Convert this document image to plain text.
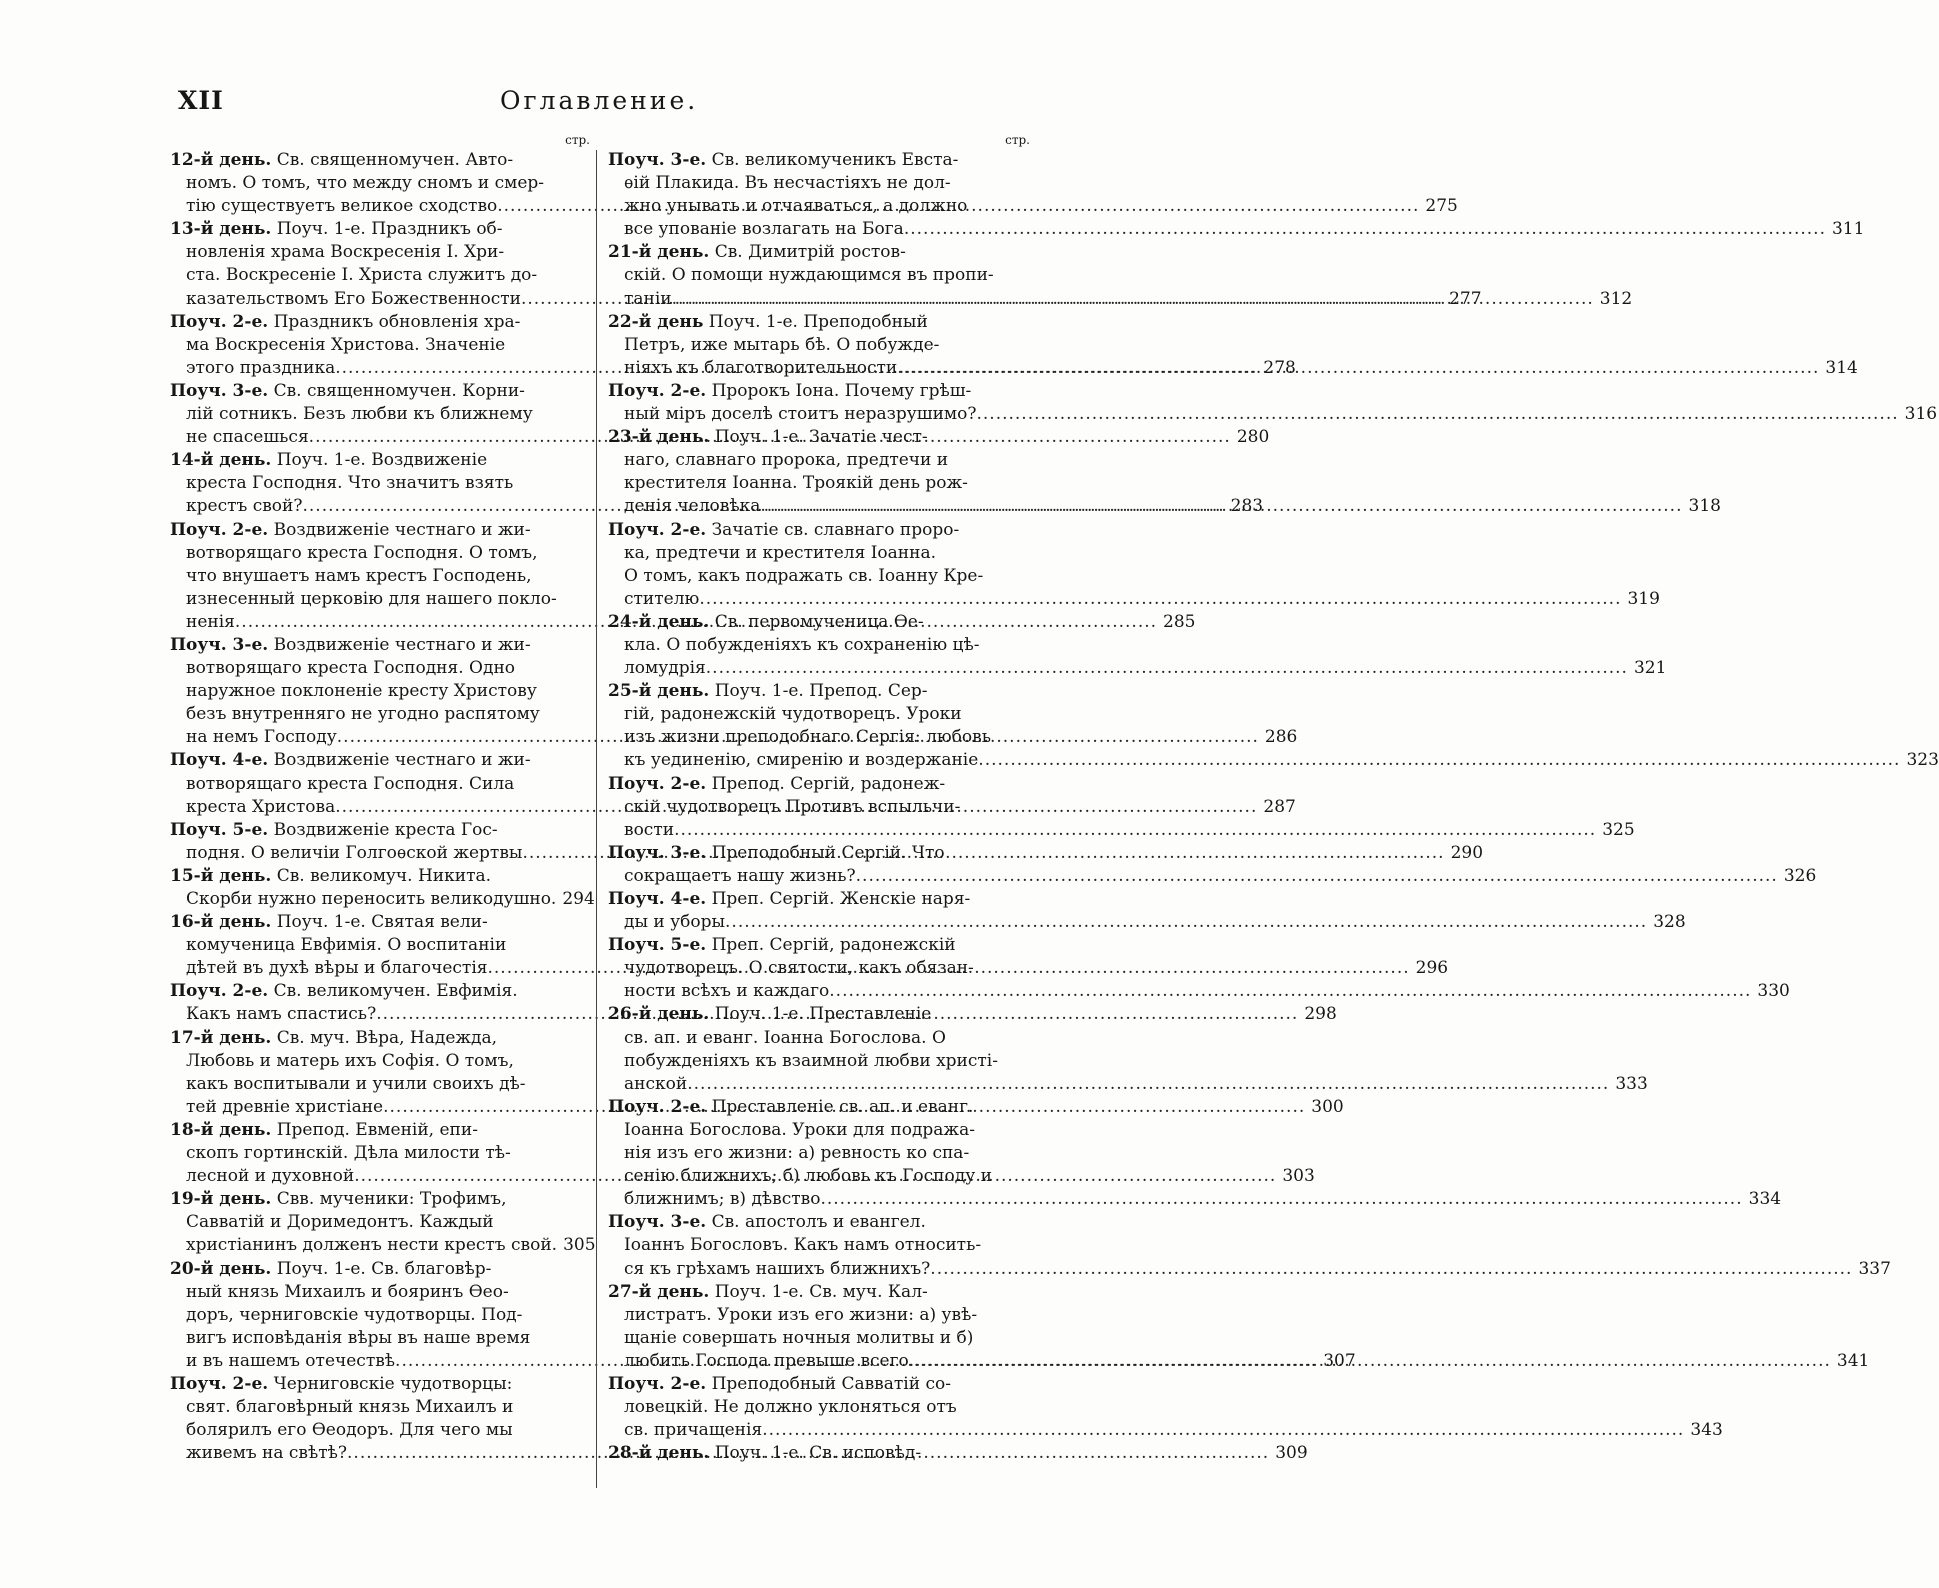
XII	Оглавление.
стр.
12-й день. Св. священномучен. Авто-
номъ. О томъ, что между сномъ и смер-
тію существуетъ великое сходство .....	275
13-й день. Поуч. 1-е. Праздникъ об-
новленія храма Воскресенія І. Хри-
ста. Воскресеніе І. Христа служитъ до-
казательствомъ Его Божественности .....	277
Поуч. 2-е. Праздникъ обновленія хра-
ма Воскресенія Христова. Значеніе
этого праздника .....	278
Поуч. 3-е. Св. священномучен. Корни-
лій сотникъ. Безъ любви къ ближнему
не спасешься .....	280
14-й день. Поуч. 1-е. Воздвиженіе
креста Господня. Что значитъ взять
крестъ свой? .....	283
Поуч. 2-е. Воздвиженіе честнаго и жи-
вотворящаго креста Господня. О томъ,
что внушаетъ намъ крестъ Господень,
изнесенный церковію для нашего покло-
ненія .....	285
Поуч. 3-е. Воздвиженіе честнаго и жи-
вотворящаго креста Господня. Одно
наружное поклоненіе кресту Христову
безъ внутренняго не угодно распятому
на немъ Господу .....	286
Поуч. 4-е. Воздвиженіе честнаго и жи-
вотворящаго креста Господня. Сила
креста Христова .....	287
Поуч. 5-е. Воздвиженіе креста Гос-
подня. О величіи Голгоѳской жертвы .....	290
15-й день. Св. великомуч. Никита.
Скорби нужно переносить великодушно. 294
16-й день. Поуч. 1-е. Святая вели-
комученица Евфимія. О воспитаніи
дѣтей въ духѣ вѣры и благочестія .....	296
Поуч. 2-е. Св. великомучен. Евфимія.
Какъ намъ спастись? .....	298
17-й день. Св. муч. Вѣра, Надежда,
Любовь и матерь ихъ Софія. О томъ,
какъ воспитывали и учили своихъ дѣ-
тей древніе христіане .....	300
18-й день. Препод. Евменій, епи-
скопъ гортинскій. Дѣла милости тѣ-
лесной и духовной .....	303
19-й день. Свв. мученики: Трофимъ,
Савватій и Доримедонтъ. Каждый
христіанинъ долженъ нести крестъ свой. 305
20-й день. Поуч. 1-е. Св. благовѣр-
ный князь Михаилъ и бояринъ Ѳео-
доръ, черниговскіе чудотворцы. Под-
вигъ исповѣданія вѣры въ наше время
и въ нашемъ отечествѣ .....	307
Поуч. 2-е. Черниговскіе чудотворцы:
свят. благовѣрный князь Михаилъ и
болярилъ его Ѳеодоръ. Для чего мы
живемъ на свѣтѣ? .....	309
стр.
Поуч. 3-е. Св. великомученикъ Евста-
ѳій Плакида. Въ несчастіяхъ не дол-
жно унывать и отчаяваться, а должно
все упованіе возлагать на Бога .....	311
21-й день. Св. Димитрій ростов-
скій. О помощи нуждающимся въ пропи-
таніи .....	312
22-й день Поуч. 1-е. Преподобный
Петръ, иже мытарь бѣ. О побужде-
ніяхъ къ благотворительности .....	314
Поуч. 2-е. Пророкъ Іона. Почему грѣш-
ный міръ доселѣ стоитъ неразрушимо? .....	316
23-й день. Поуч. 1-е. Зачатіе чест-
наго, славнаго пророка, предтечи и
крестителя Іоанна. Троякій день рож-
денія человѣка .....	318
Поуч. 2-е. Зачатіе св. славнаго проро-
ка, предтечи и крестителя Іоанна.
О томъ, какъ подражать св. Іоанну Кре-
стителю .....	319
24-й день. Св. первомученица Ѳе-
кла. О побужденіяхъ къ сохраненію цѣ-
ломудрія .....	321
25-й день. Поуч. 1-е. Препод. Сер-
гій, радонежскій чудотворецъ. Уроки
изъ жизни преподобнаго Сергія: любовь
къ уединенію, смиренію и воздержаніе .....	323
Поуч. 2-е. Препод. Сергій, радонеж-
скій чудотворецъ Противъ вспыльчи-
вости .....	325
Поуч. 3-е. Преподобный Сергій. Что
сокращаетъ нашу жизнь? .....	326
Поуч. 4-е. Преп. Сергій. Женскіе наря-
ды и уборы .....	328
Поуч. 5-е. Преп. Сергій, радонежскій
чудотворецъ. О святости, какъ обязан-
ности всѣхъ и каждаго .....	330
26-й день. Поуч. 1-е. Преставленіе
св. ап. и еванг. Іоанна Богослова. О
побужденіяхъ къ взаимной любви христі-
анской .....	333
Поуч. 2-е. Преставленіе св. ап. и еванг.
Іоанна Богослова. Уроки для подража-
нія изъ его жизни: а) ревность ко спа-
сенію ближнихъ; б) любовь къ Господу и
ближнимъ; в) дѣвство .....	334
Поуч. 3-е. Св. апостолъ и евангел.
Іоаннъ Богословъ. Какъ намъ относить-
ся къ грѣхамъ нашихъ ближнихъ? .....	337
27-й день. Поуч. 1-е. Св. муч. Кал-
листратъ. Уроки изъ его жизни: а) увѣ-
щаніе совершать ночныя молитвы и б)
любить Господа превыше всего .....	341
Поуч. 2-е. Преподобный Савватій со-
ловецкій. Не должно уклоняться отъ
св. причащенія .....	343
28-й день. Поуч. 1-е. Св. исповѣд-
